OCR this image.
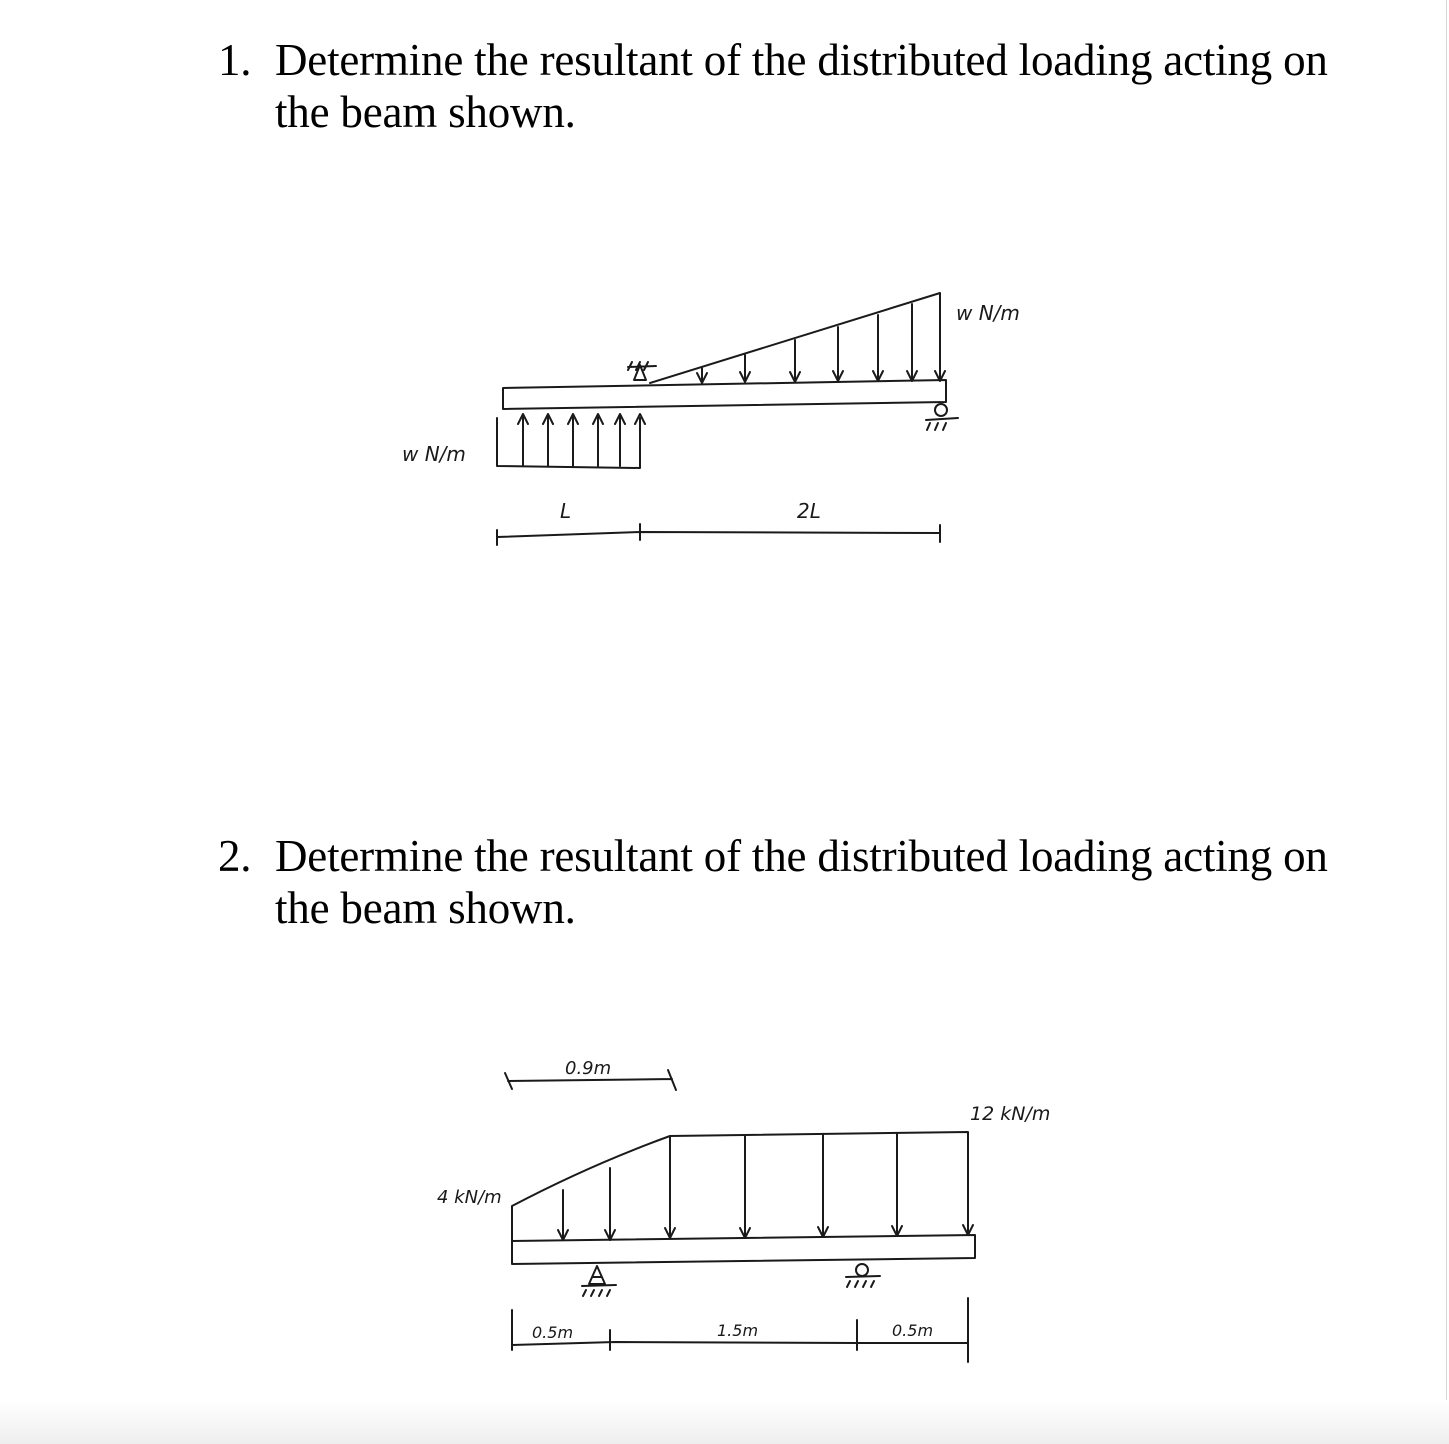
1. Determine the resultant of the distributed loading acting on the beam shown.
2. Determine the resultant of the distributed loading acting on the beam shown.
w N/m
w N/m
L	2L
4 kN/m
12 kN/m
0.9m
0.5m	1.5m	0.5m
